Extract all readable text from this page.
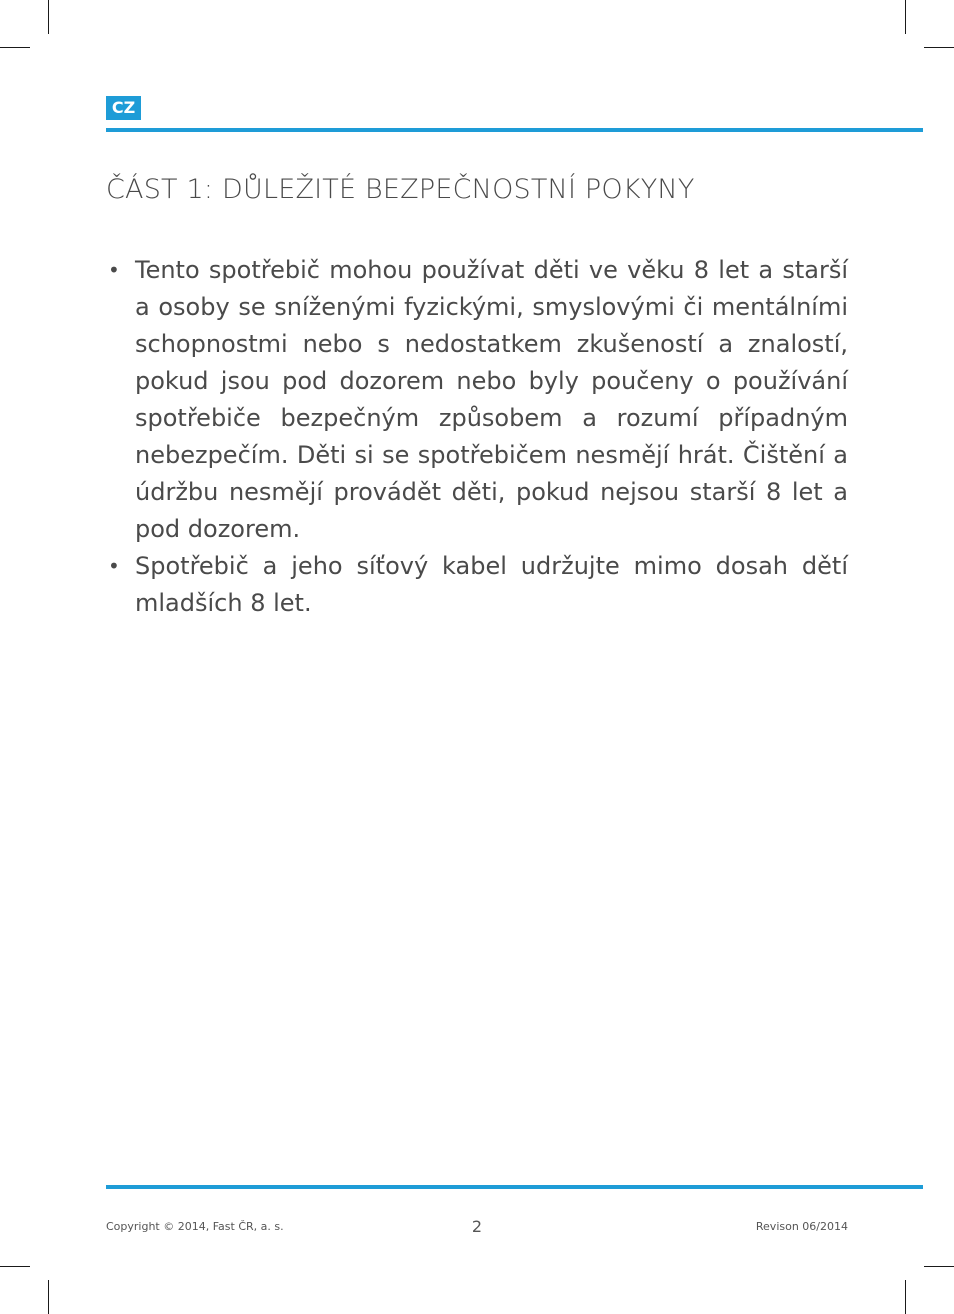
CZ
ČÁST 1: DŮLEŽITÉ BEZPEČNOSTNÍ POKYNY
• Tento spotřebič mohou používat děti ve věku 8 let a starší a osoby se sníženými fyzickými, smyslovými či mentálními schopnostmi nebo s nedostatkem zkušeností a znalostí, pokud jsou pod dozorem nebo byly poučeny o používání spotřebiče bezpečným způsobem a rozumí případným nebezpečím. Děti si se spotřebičem nesmějí hrát. Čištění a údržbu nesmějí provádět děti, pokud nejsou starší 8 let a pod dozorem.
• Spotřebič a jeho síťový kabel udržujte mimo dosah dětí mladších 8 let.
Copyright © 2014, Fast ČR, a. s.	2	Revison 06/2014
